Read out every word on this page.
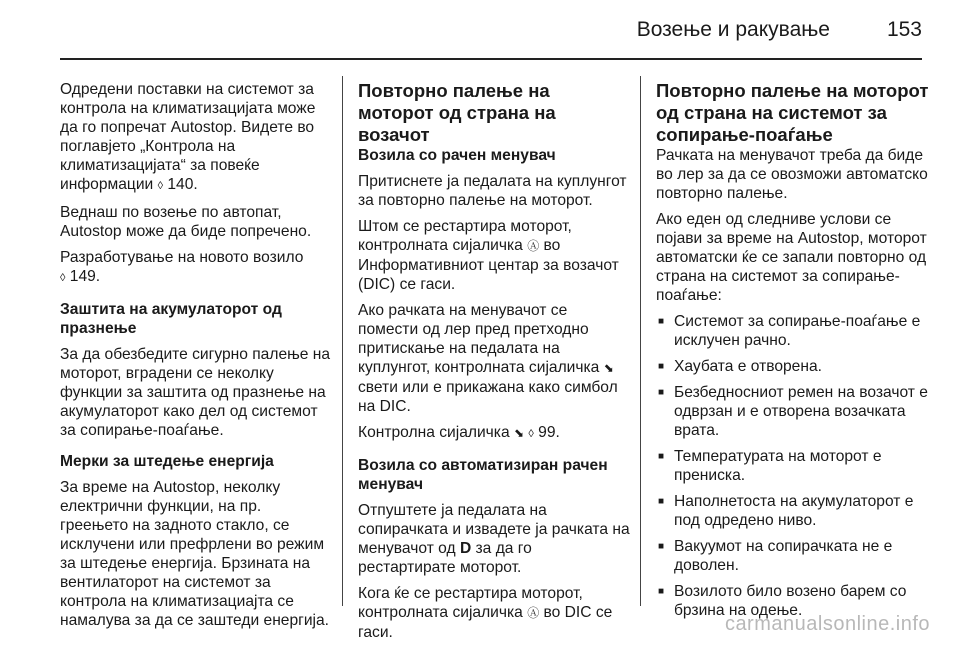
Возење и ракување	153

Одредени поставки на системот за контрола на климатизацијата може да го попречат Autostop. Видете во поглавјето „Контрола на климатизацијата“ за повеќе информации ◊ 140.

Веднаш по возење по автопат, Autostop може да биде попречено.

Разработување на новото возило
◊ 149.

Заштита на акумулаторот од празнење

За да обезбедите сигурно палење на моторот, вградени се неколку функции за заштита од празнење на акумулаторот како дел од системот за сопирање-поаѓање.

Мерки за штедење енергија

За време на Autostop, неколку електрични функции, на пр. греењето на задното стакло, се исклучени или префрлени во режим за штедење енергија. Брзината на вентилаторот на системот за контрола на климатизациајта се намалува за да се заштеди енергија.

Повторно палење на моторот од страна на возачот

Возила со рачен менувач

Притиснете ја педалата на куплунгот за повторно палење на моторот.

Штом се рестартира моторот, контролната сијаличка Ⓐ во Информативниот центар за возачот (DIC) се гаси.

Ако рачката на менувачот се помести од лер пред претходно притискање на педалата на куплунгот, контролната сијаличка ⬊ свети или е прикажана како симбол на DIC.

Контролна сијаличка ⬊ ◊ 99.

Возила со автоматизиран рачен менувач

Отпуштете ја педалата на сопирачката и извадете ја рачката на менувачот од D за да го рестартирате моторот.

Кога ќе се рестартира моторот, контролната сијаличка Ⓐ во DIC се гаси.

Повторно палење на моторот од страна на системот за сопирање-поаѓање

Рачката на менувачот треба да биде во лер за да се овозможи автоматско повторно палење.

Ако еден од следниве услови се појави за време на Autostop, моторот автоматски ќе се запали повторно од страна на системот за сопирање-поаѓање:

■ Системот за сопирање-поаѓање е исклучен рачно.
■ Хаубата е отворена.
■ Безбедносниот ремен на возачот е одврзан и е отворена возачката врата.
■ Температурата на моторот е прениска.
■ Наполнетоста на акумулаторот е под одредено ниво.
■ Вакуумот на сопирачката не е доволен.
■ Возилото било возено барем со брзина на одење.
carmanualsonline.info
